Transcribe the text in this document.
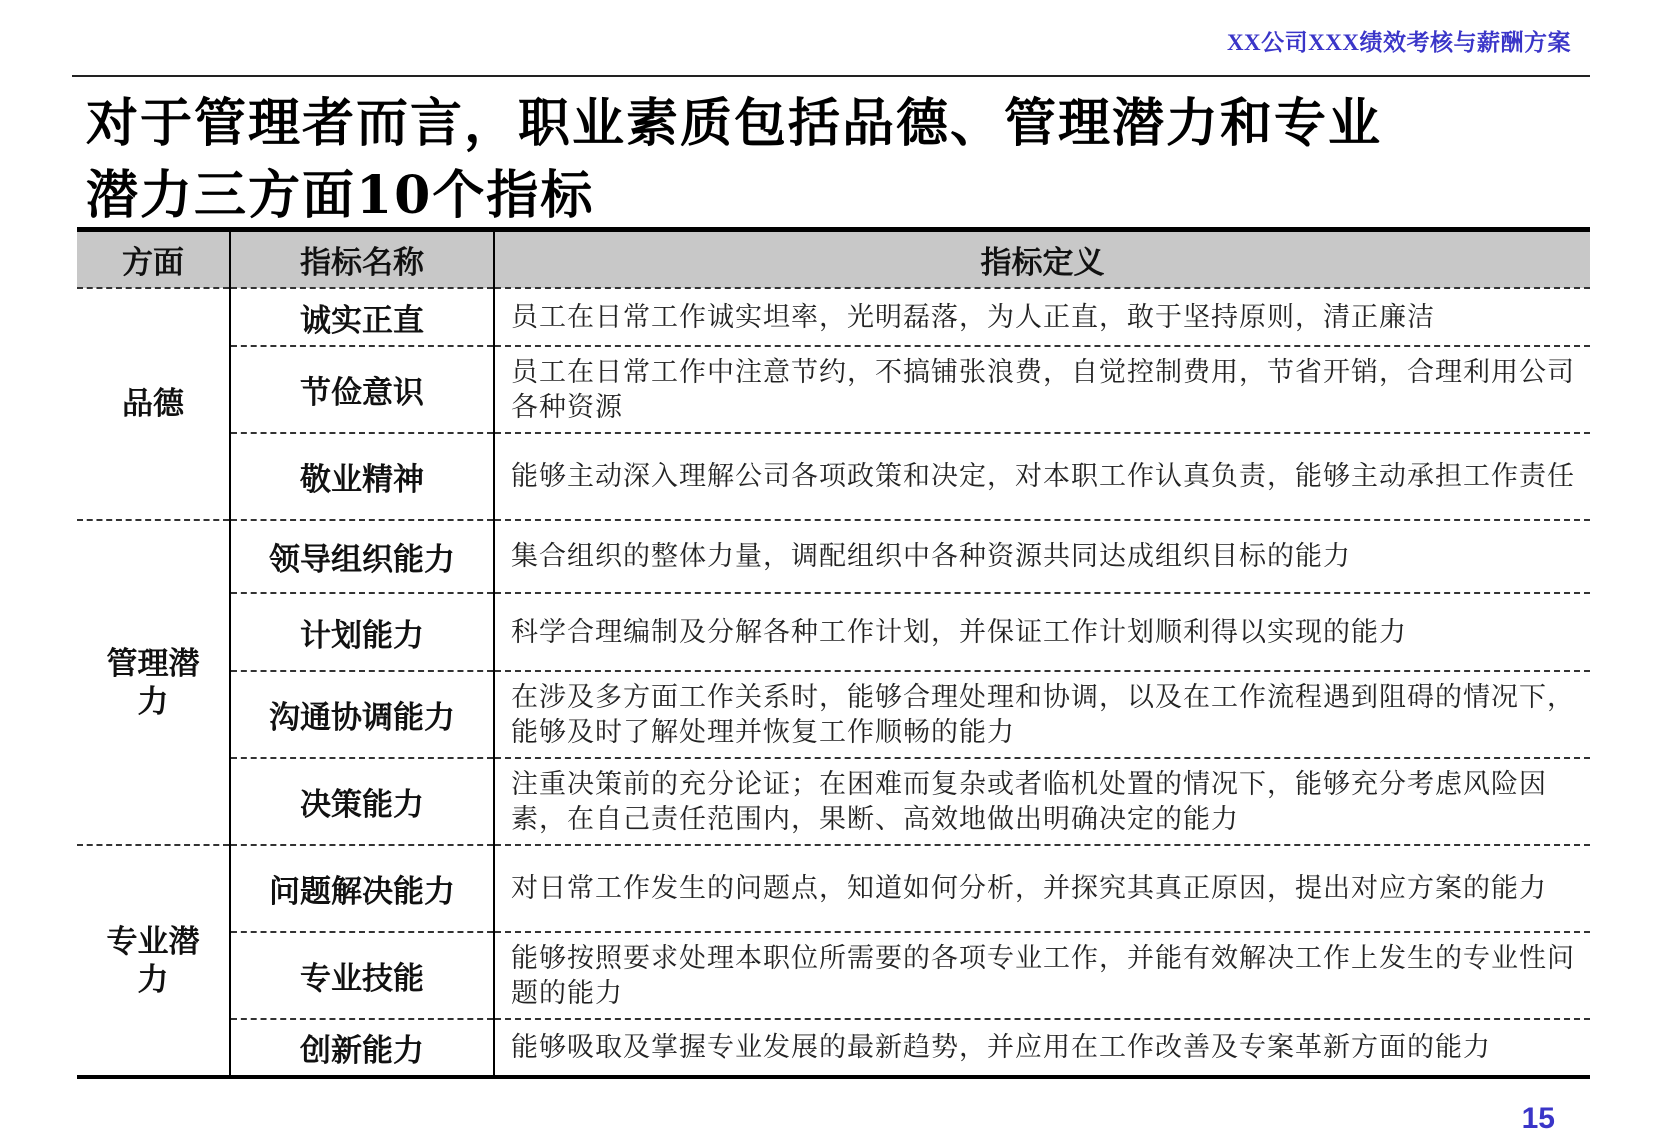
XX公司XXX绩效考核与薪酬方案
对于管理者而言，职业素质包括品德、管理潜力和专业
潜力三方面10个指标
方面	指标名称	指标定义
品德	诚实正直	员工在日常工作诚实坦率，光明磊落，为人正直，敢于坚持原则，清正廉洁
	节俭意识	员工在日常工作中注意节约，不搞铺张浪费，自觉控制费用，节省开销，合理利用公司各种资源
	敬业精神	能够主动深入理解公司各项政策和决定，对本职工作认真负责，能够主动承担工作责任
管理潜力	领导组织能力	集合组织的整体力量，调配组织中各种资源共同达成组织目标的能力
	计划能力	科学合理编制及分解各种工作计划，并保证工作计划顺利得以实现的能力
	沟通协调能力	在涉及多方面工作关系时，能够合理处理和协调，以及在工作流程遇到阻碍的情况下，能够及时了解处理并恢复工作顺畅的能力
	决策能力	注重决策前的充分论证；在困难而复杂或者临机处置的情况下，能够充分考虑风险因素，在自己责任范围内，果断、高效地做出明确决定的能力
专业潜力	问题解决能力	对日常工作发生的问题点，知道如何分析，并探究其真正原因，提出对应方案的能力
	专业技能	能够按照要求处理本职位所需要的各项专业工作，并能有效解决工作上发生的专业性问题的能力
	创新能力	能够吸取及掌握专业发展的最新趋势，并应用在工作改善及专案革新方面的能力
15
